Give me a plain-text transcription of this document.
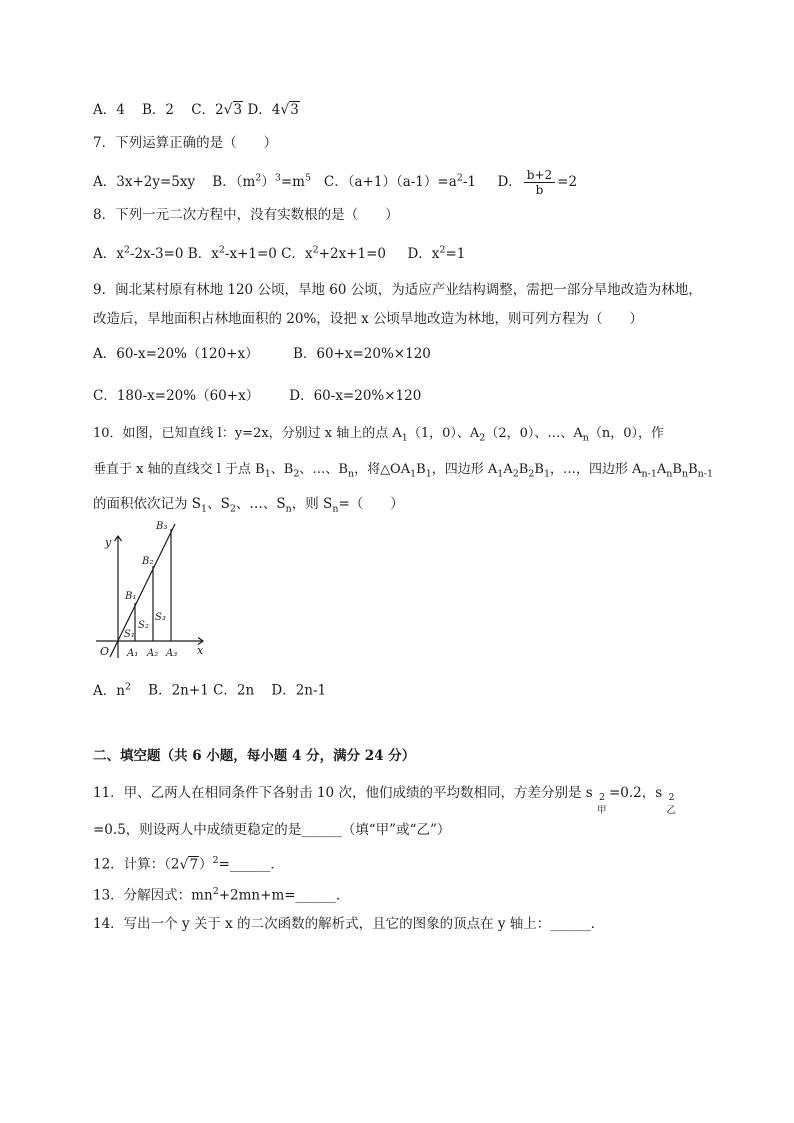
A．4 B．2 C．2√3 D．4√3
7．下列运算正确的是（　　）
A．3x+2y=5xy B．$(m^2)^3=m^5$ C．$(a+1)(a-1)=a^2-1$ D． $\frac{b+2}{b} =2$
8．下列一元二次方程中，没有实数根的是（　　）
A．$x^2-2x-3=0$ B．$x^2-x+1=0$ C．$x^2+2x+1=0$ D．$x^2=1$
9．闽北某村原有林地 120 公顷，旱地 60 公顷，为适应产业结构调整，需把一部分旱地改造为林地，
改造后，旱地面积占林地面积的 20%，设把 x 公顷旱地改造为林地，则可列方程为（　　）
A．60-x=20%（120+x）	B．60+x=20%×120
C．180-x=20%（60+x） D．60-x=20%×120
10．如图，已知直线 l：y=2x，分别过 x 轴上的点 $A_1(1$，0）、$A_2(2$，0）、…、$A_n(n$，0），作
垂直于 x 轴的直线交 l 于点 $B_1$、$B_2$、…、$B_n$，将$\triangle OA_1B_1$，四边形 $A_1A_2B_2B_1$，…，四边形 $A_{n-1}A_nB_nB_{n-1}$
的面积依次记为 $S_1$、$S_2$、…、$S_n$，则 $S_n=$（　　）
y
x
O A₁ A₂ A₃
B₁
B₂
B₃
S₁
S₂
S₃
A．$n^2$ B．2n+1 C．2n D．2n-1
二、填空题（共 6 小题，每小题 4 分，满分 24 分）
11．甲、乙两人在相同条件下各射击 10 次，他们成绩的平均数相同，方差分别是 s 2
甲
=0.2，s 2
乙
=0.5，则设两人中成绩更稳定的是______（填“甲”或“乙”）
12．计算：$(2√7)^2=\_\_\_\_\_\_$．
13．分解因式：$mn^2+2mn+m=\_\_\_\_\_\_$．
14．写出一个 y 关于 x 的二次函数的解析式，且它的图象的顶点在 y 轴上：______．
